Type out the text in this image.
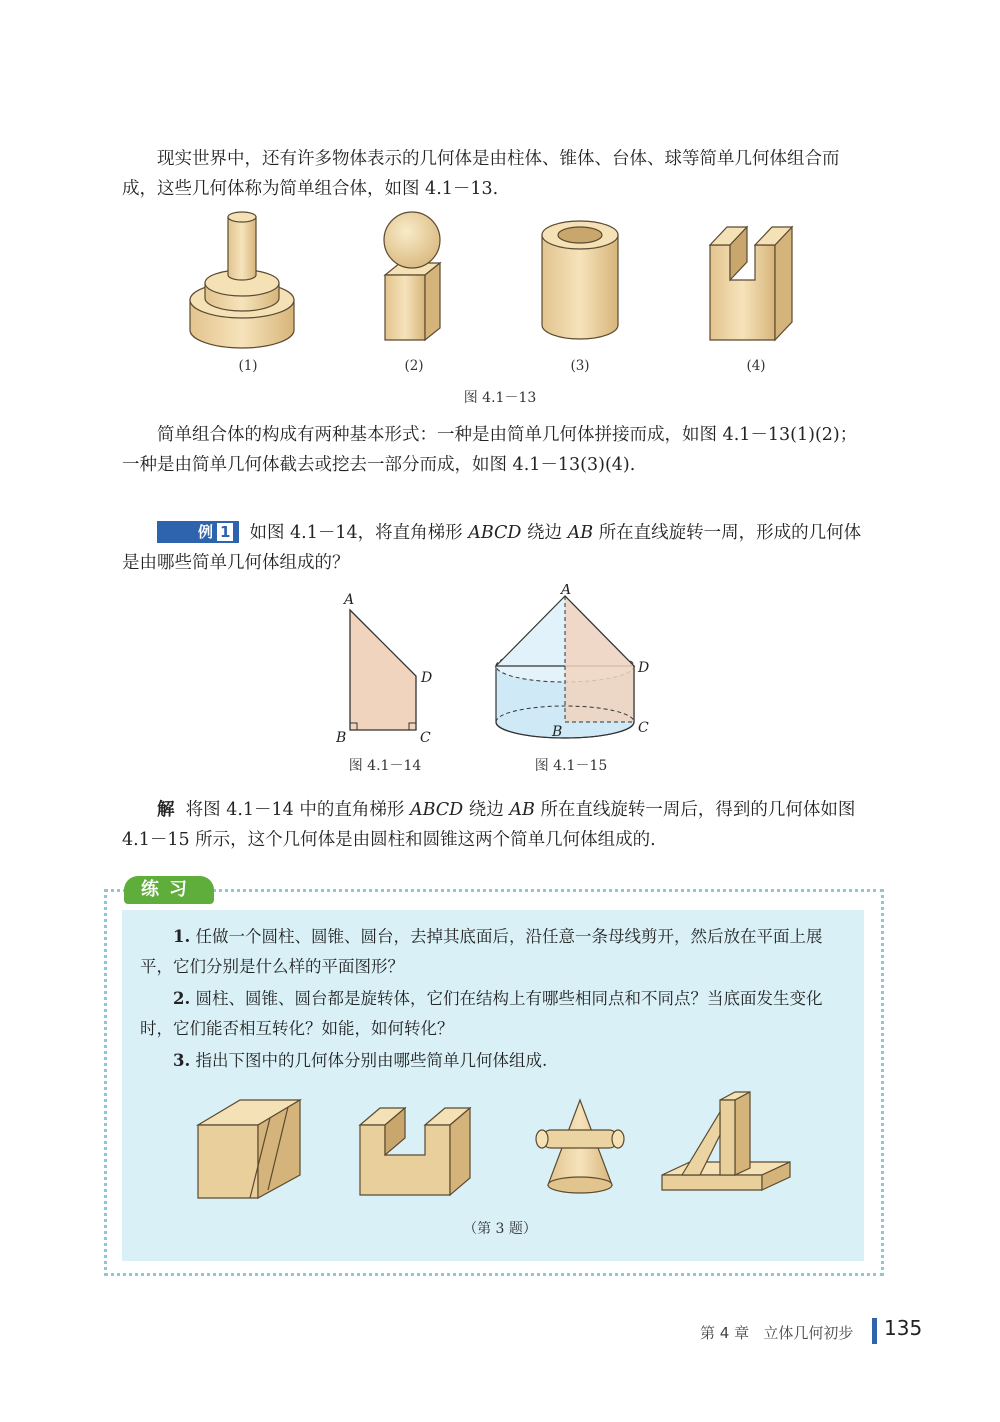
现实世界中，还有许多物体表示的几何体是由柱体、锥体、台体、球等简单几何体组合而成，这些几何体称为简单组合体，如图 4.1－13.

(1)	(2)	(3)	(4)
图 4.1－13

简单组合体的构成有两种基本形式：一种是由简单几何体拼接而成，如图 4.1－13(1)(2)；一种是由简单几何体截去或挖去一部分而成，如图 4.1－13(3)(4).

例 1 如图 4.1－14，将直角梯形 ABCD 绕边 AB 所在直线旋转一周，形成的几何体是由哪些简单几何体组成的？

A
D
B	C
图 4.1－14
A
D
B	C
图 4.1－15

解 将图 4.1－14 中的直角梯形 ABCD 绕边 AB 所在直线旋转一周后，得到的几何体如图 4.1－15 所示，这个几何体是由圆柱和圆锥这两个简单几何体组成的.

练习

1. 任做一个圆柱、圆锥、圆台，去掉其底面后，沿任意一条母线剪开，然后放在平面上展平，它们分别是什么样的平面图形？

2. 圆柱、圆锥、圆台都是旋转体，它们在结构上有哪些相同点和不同点？当底面发生变化时，它们能否相互转化？如能，如何转化？

3. 指出下图中的几何体分别由哪些简单几何体组成.

（第 3 题）
第 4 章 立体几何初步 135
